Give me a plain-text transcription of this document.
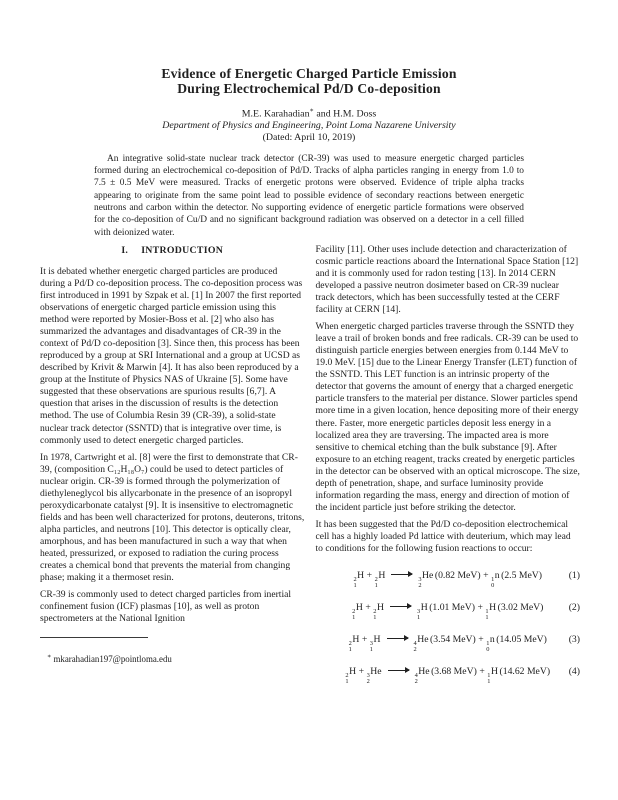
Evidence of Energetic Charged Particle Emission
During Electrochemical Pd/D Co-deposition
M.E. Karahadian∗ and H.M. Doss
Department of Physics and Engineering, Point Loma Nazarene University
(Dated: April 10, 2019)

An integrative solid-state nuclear track detector (CR-39) was used to measure energetic charged particles formed during an electrochemical co-deposition of Pd/D. Tracks of alpha particles ranging in energy from 1.0 to 7.5 ± 0.5 MeV were measured. Tracks of energetic protons were observed. Evidence of triple alpha tracks appearing to originate from the same point lead to possible evidence of secondary reactions between energetic neutrons and carbon within the detector. No supporting evidence of energetic particle formations were observed for the co-deposition of Cu/D and no significant background radiation was observed on a detector in a cell filled with deionized water.

I. INTRODUCTION

It is debated whether energetic charged particles are produced during a Pd/D co-deposition process. The co-deposition process was first introduced in 1991 by Szpak et al. [1] In 2007 the first reported observations of energetic charged particle emission using this method were reported by Mosier-Boss et al. [2] who also has summarized the advantages and disadvantages of CR-39 in the context of Pd/D co-deposition [3]. Since then, this process has been reproduced by a group at SRI International and a group at UCSD as described by Krivit & Marwin [4]. It has also been reproduced by a group at the Institute of Physics NAS of Ukraine [5]. Some have suggested that these observations are spurious results [6,7]. A question that arises in the discussion of results is the detection method. The use of Columbia Resin 39 (CR-39), a solid-state nuclear track detector (SSNTD) that is integrative over time, is commonly used to detect energetic charged particles.

In 1978, Cartwright et al. [8] were the first to demonstrate that CR-39, (composition C₁₂H₁₈O₇) could be used to detect particles of nuclear origin. CR-39 is formed through the polymerization of diethyleneglycol bis allycarbonate in the presence of an isopropyl peroxydicarbonate catalyst [9]. It is insensitive to electromagnetic fields and has been well characterized for protons, deuterons, tritons, alpha particles, and neutrons [10]. This detector is optically clear, amorphous, and has been manufactured in such a way that when heated, pressurized, or exposed to radiation the curing process creates a chemical bond that prevents the material from changing phase; making it a thermoset resin.

CR-39 is commonly used to detect charged particles from inertial confinement fusion (ICF) plasmas [10], as well as proton spectrometers at the National Ignition

∗ mkarahadian197@pointloma.edu

Facility [11]. Other uses include detection and characterization of cosmic particle reactions aboard the International Space Station [12] and it is commonly used for radon testing [13]. In 2014 CERN developed a passive neutron dosimeter based on CR-39 nuclear track detectors, which has been successfully tested at the CERF facility at CERN [14].

When energetic charged particles traverse through the SSNTD they leave a trail of broken bonds and free radicals. CR-39 can be used to distinguish particle energies between energies from 0.144 MeV to 19.0 MeV. [15] due to the Linear Energy Transfer (LET) function of the SSNTD. This LET function is an intrinsic property of the detector that governs the amount of energy that a charged energetic particle transfers to the material per distance. Slower particles spend more time in a given location, hence depositing more of their energy there. Faster, more energetic particles deposit less energy in a localized area they are traversing. The impacted area is more sensitive to chemical etching than the bulk substance [9]. After exposure to an etching reagent, tracks created by energetic particles in the detector can be observed with an optical microscope. The size, depth of penetration, shape, and surface luminosity provide information regarding the mass, energy and direction of motion of the incident particle just before striking the detector.

It has been suggested that the Pd/D co-deposition electrochemical cell has a highly loaded Pd lattice with deuterium, which may lead to conditions for the following fusion reactions to occur:

2
1
H + 2
1
H	3
2
He (0.82 MeV) + 1
0
n (2.5 MeV)	(1)
2
1
H + 2
1
H	3
1
H (1.01 MeV) + 1
1
H (3.02 MeV)	(2)
2
1
H + 3
1
H	4
2
He (3.54 MeV) + 1
0
n (14.05 MeV) (3)
2
1
H + 3
2
He	4
2
He (3.68 MeV) + 1
1
H (14.62 MeV) (4)
